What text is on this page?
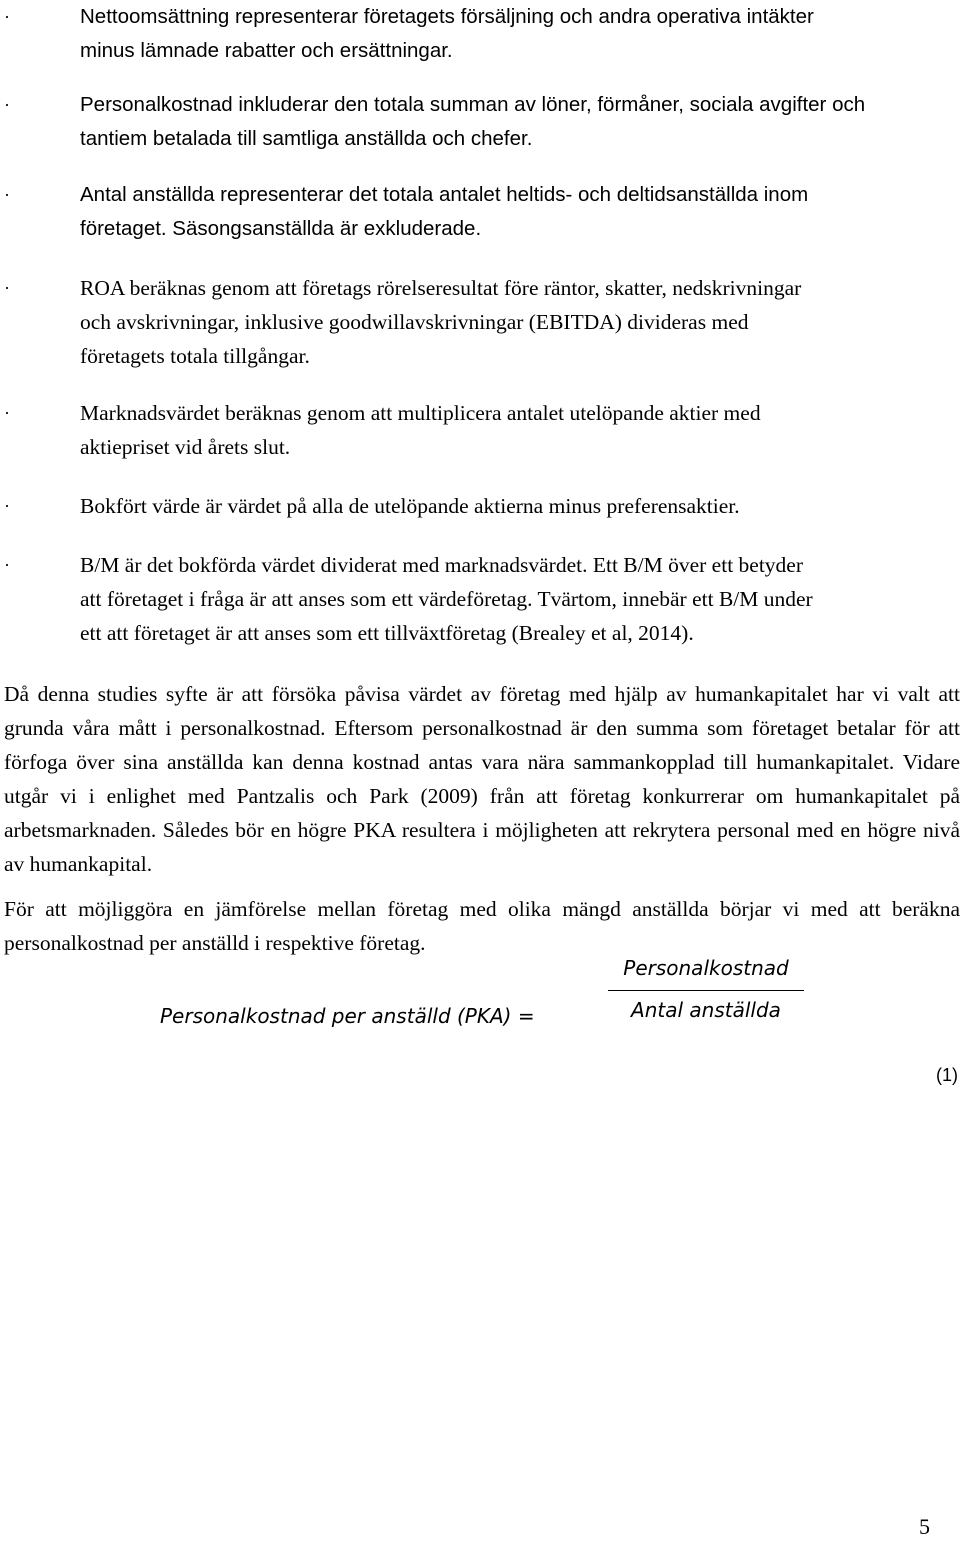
·	Nettoomsättning representerar företagets försäljning och andra operativa intäkter
minus lämnade rabatter och ersättningar.
·	Personalkostnad inkluderar den totala summan av löner, förmåner, sociala avgifter och
tantiem betalada till samtliga anställda och chefer.
·	Antal anställda representerar det totala antalet heltids- och deltidsanställda inom
företaget. Säsongsanställda är exkluderade.
·	ROA beräknas genom att företags rörelseresultat före räntor, skatter, nedskrivningar
och avskrivningar, inklusive goodwillavskrivningar (EBITDA) divideras med
företagets totala tillgångar.
·	Marknadsvärdet beräknas genom att multiplicera antalet utelöpande aktier med
aktiepriset vid årets slut.
·	Bokfört värde är värdet på alla de utelöpande aktierna minus preferensaktier.
·	B/M är det bokförda värdet dividerat med marknadsvärdet. Ett B/M över ett betyder
att företaget i fråga är att anses som ett värdeföretag. Tvärtom, innebär ett B/M under
ett att företaget är att anses som ett tillväxtföretag (Brealey et al, 2014).

Då denna studies syfte är att försöka påvisa värdet av företag med hjälp av humankapitalet har vi valt att grunda våra mått i personalkostnad. Eftersom personalkostnad är den summa som företaget betalar för att förfoga över sina anställda kan denna kostnad antas vara nära sammankopplad till humankapitalet. Vidare utgår vi i enlighet med Pantzalis och Park (2009) från att företag konkurrerar om humankapitalet på arbetsmarknaden. Således bör en högre PKA resultera i möjligheten att rekrytera personal med en högre nivå av humankapital.

För att möjliggöra en jämförelse mellan företag med olika mängd anställda börjar vi med att beräkna personalkostnad per anställd i respektive företag.

Personalkostnad per anställd (PKA) =
Personalkostnad
Antal anställda
(1)
5
